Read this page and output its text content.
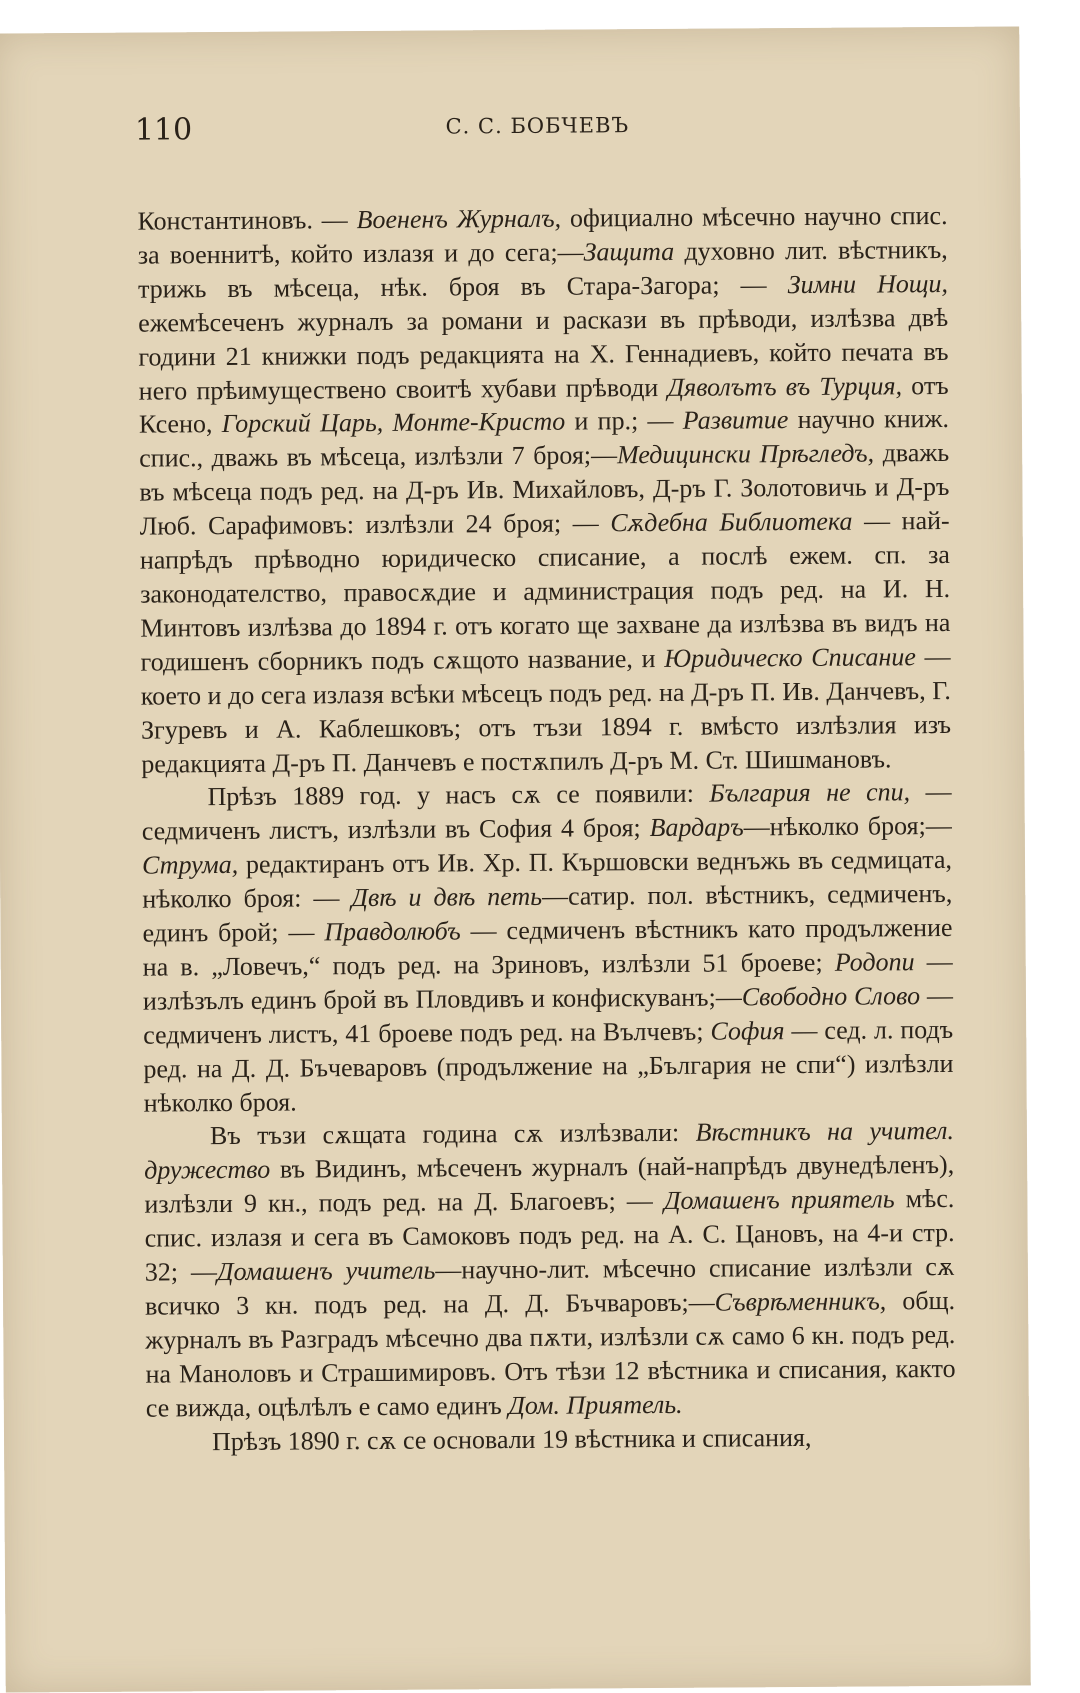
110	С. С. БОБЧЕВЪ

Константиновъ. — Воененъ Журналъ, официално мѣсечно научно спис. за военнитѣ, който излазя и до сега;—Защита духовно лит. вѣстникъ, трижь въ мѣсеца, нѣк. броя въ Стара-Загора; — Зимни Нощи, ежемѣсеченъ журналъ за романи и раскази въ прѣводи, излѣзва двѣ години 21 книжки подъ редакцията на Х. Геннадиевъ, който печата въ него прѣимуществено своитѣ хубави прѣводи Дяволътъ въ Турция, отъ Ксено, Горский Царь, Монте-Кристо и пр.; — Развитие научно книж. спис., дважь въ мѣсеца, излѣзли 7 броя;—Медицински Прѣгледъ, дважь въ мѣсеца подъ ред. на Д-ръ Ив. Михайловъ, Д-ръ Г. Золотовичь и Д-ръ Люб. Сарафимовъ: излѣзли 24 броя; — Сѫдебна Библиотека — най-напрѣдъ прѣводно юридическо списание, а послѣ ежем. сп. за законодателство, правосѫдие и администрация подъ ред. на И. Н. Минтовъ излѣзва до 1894 г. отъ когато ще захване да излѣзва въ видъ на годишенъ сборникъ подъ сѫщото название, и Юридическо Списание — което и до сега излазя всѣки мѣсецъ подъ ред. на Д-ръ П. Ив. Данчевъ, Г. Згуревъ и А. Каблешковъ; отъ тъзи 1894 г. вмѣсто излѣзлия изъ редакцията Д-ръ П. Данчевъ е постѫпилъ Д-ръ М. Ст. Шишмановъ.

Прѣзъ 1889 год. у насъ сѫ се появили: България не спи, — седмиченъ листъ, излѣзли въ София 4 броя; Вардаръ—нѣколко броя;—Струма, редактиранъ отъ Ив. Хр. П. Кършовски веднъжь въ седмицата, нѣколко броя: — Двѣ и двѣ петь—сатир. пол. вѣстникъ, седмиченъ, единъ брой; — Правдолюбъ — седмиченъ вѣстникъ като продължение на в. „Ловечъ,“ подъ ред. на Зриновъ, излѣзли 51 броеве; Родопи —излѣзълъ единъ брой въ Пловдивъ и конфискуванъ;—Свободно Слово — седмиченъ листъ, 41 броеве подъ ред. на Вълчевъ; София — сед. л. подъ ред. на Д. Д. Бъчеваровъ (продължение на „България не спи“) излѣзли нѣколко броя.

Въ тъзи сѫщата година сѫ излѣзвали: Вѣстникъ на учител. дружество въ Видинъ, мѣсеченъ журналъ (най-напрѣдъ двунедѣленъ), излѣзли 9 кн., подъ ред. на Д. Благоевъ; — Домашенъ приятель мѣс. спис. излазя и сега въ Самоковъ подъ ред. на А. С. Цановъ, на 4-и стр. 32; —Домашенъ учитель—научно-лит. мѣсечно списание излѣзли сѫ всичко 3 кн. подъ ред. на Д. Д. Бъчваровъ;—Съврѣменникъ, общ. журналъ въ Разградъ мѣсечно два пѫти, излѣзли сѫ само 6 кн. подъ ред. на Маноловъ и Страшимировъ. Отъ тѣзи 12 вѣстника и списания, както се вижда, оцѣлѣлъ е само единъ Дом. Приятель.

Прѣзъ 1890 г. сѫ се основали 19 вѣстника и списания,
